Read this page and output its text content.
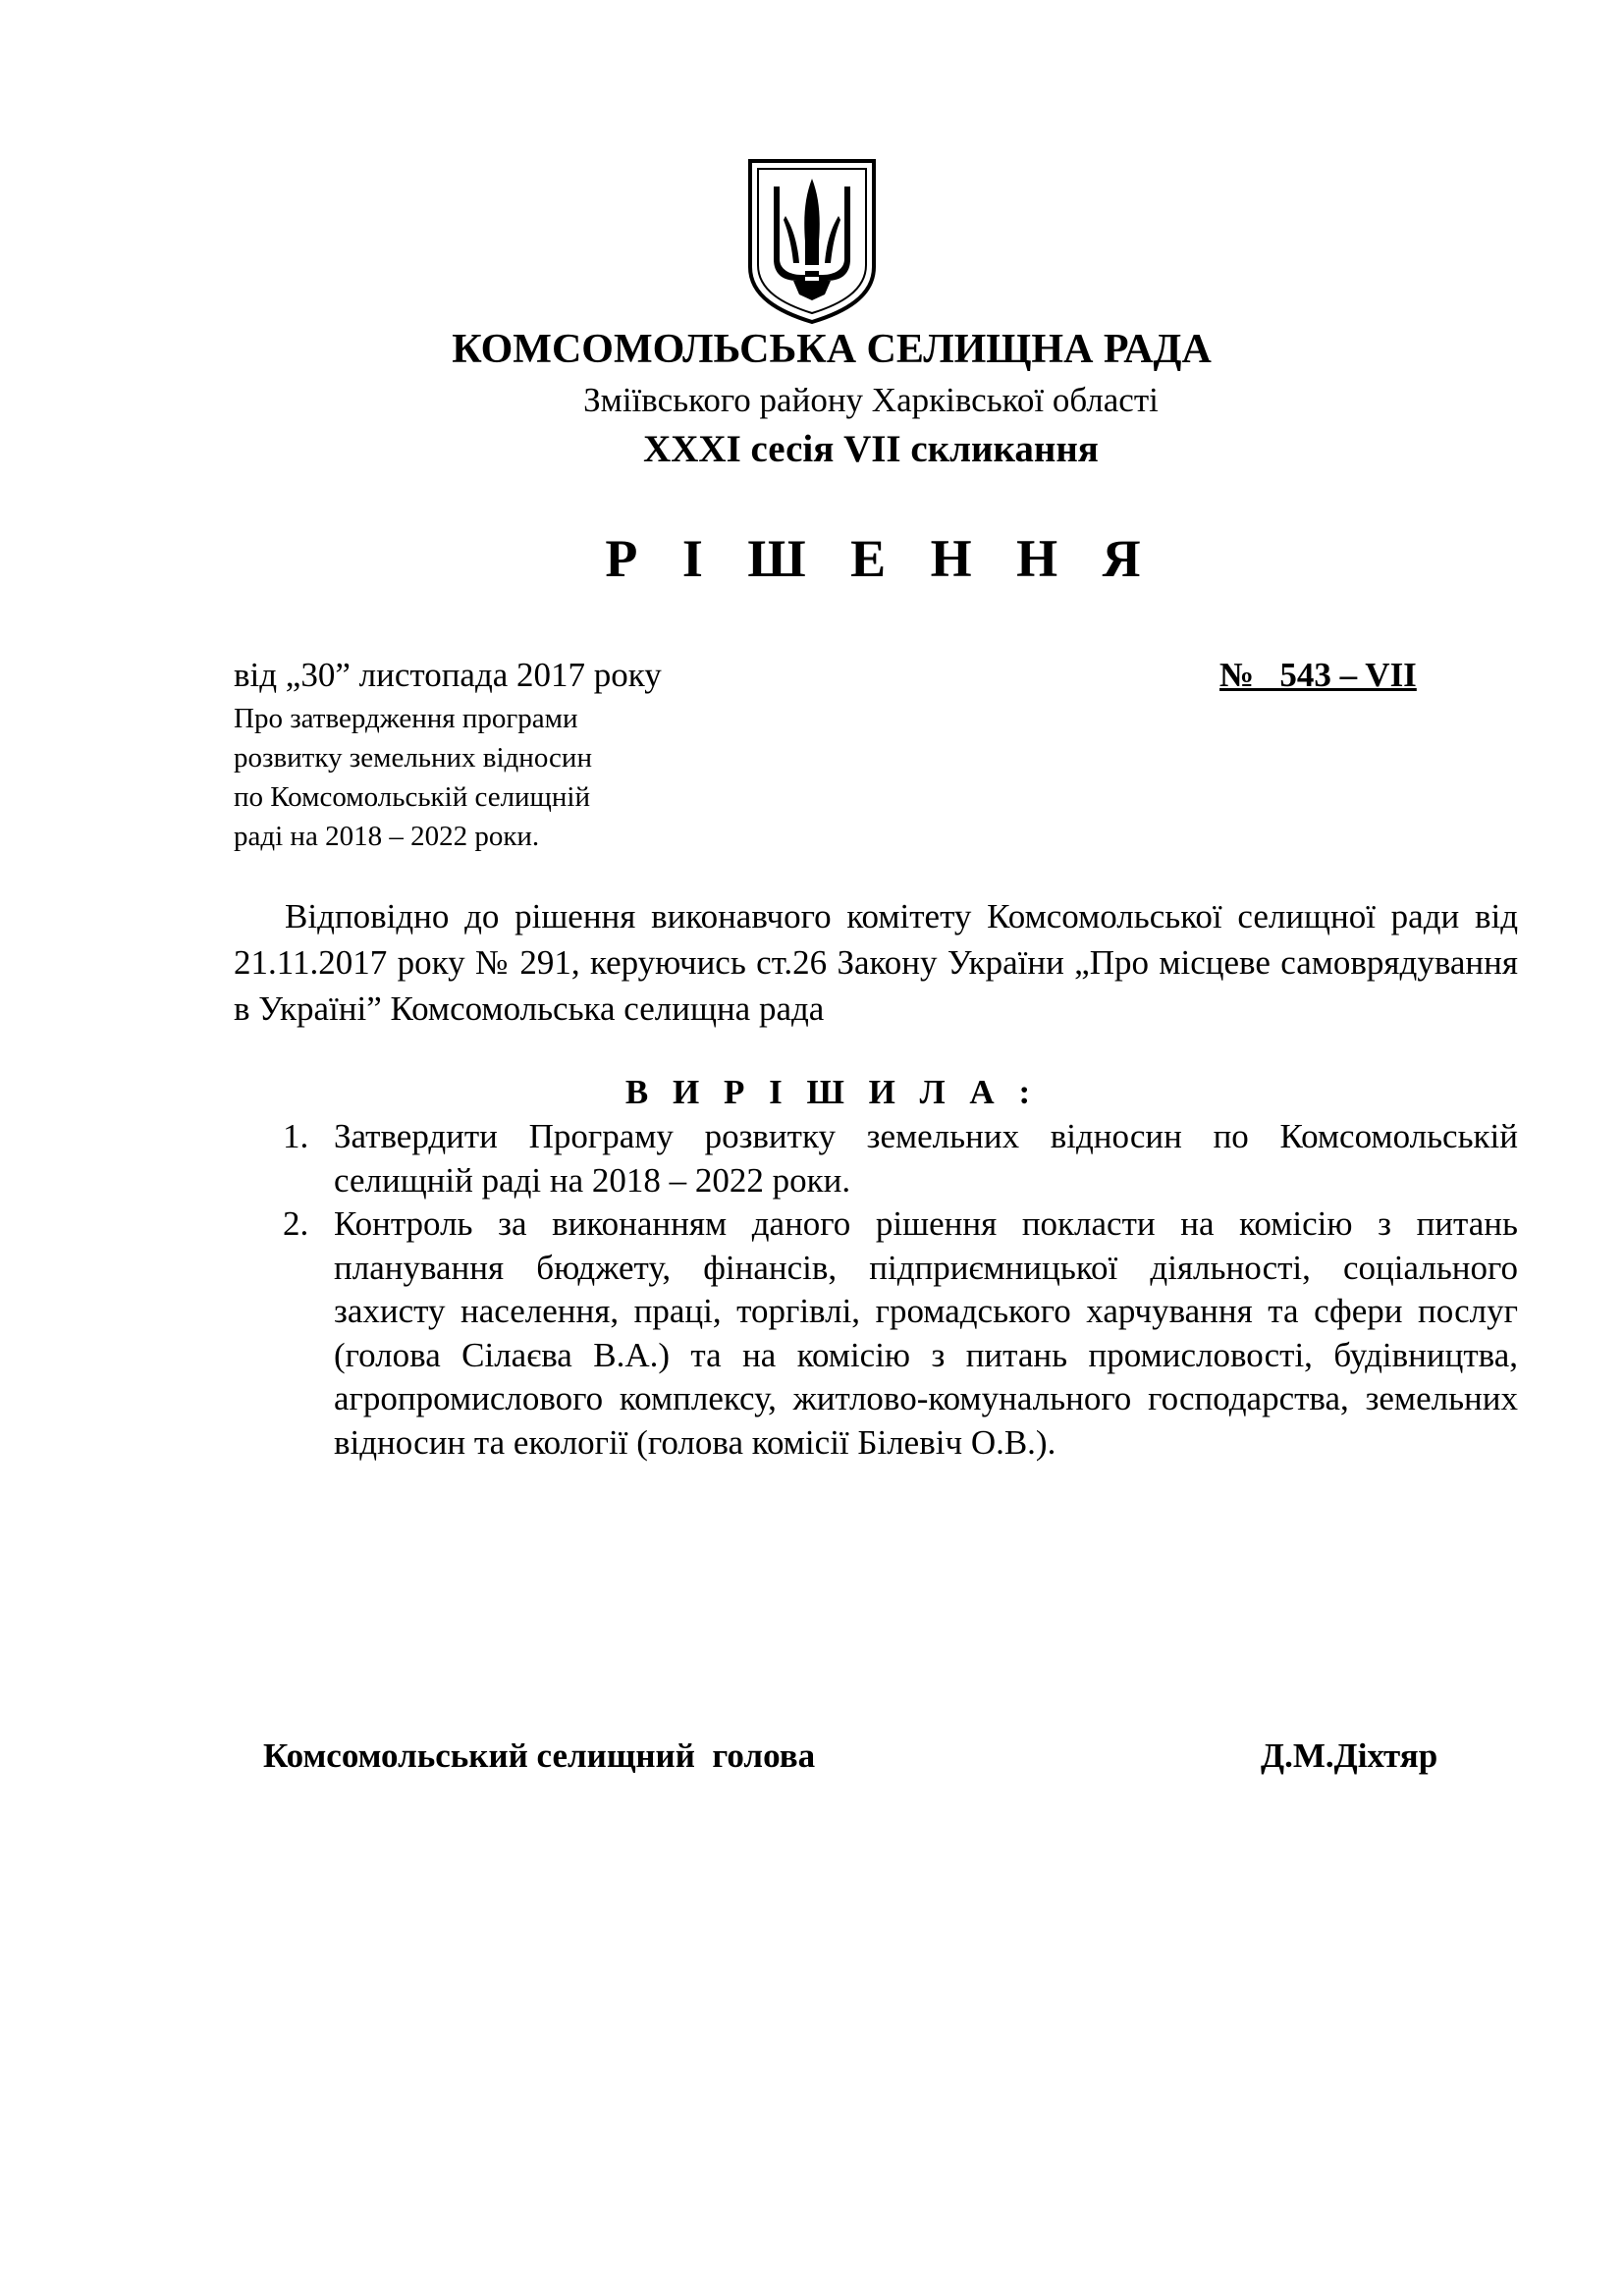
КОМСОМОЛЬСЬКА СЕЛИЩНА РАДА
Зміївського району Харківської області
XXXI сесія VII скликання
Р І Ш Е Н Н Я
від „30” листопада 2017 року	№   543 – VII
Про затвердження програми
розвитку земельних відносин
по Комсомольській селищній
раді на 2018 – 2022 роки.
Відповідно до рішення виконавчого комітету Комсомольської селищної ради від 21.11.2017 року № 291, керуючись ст.26 Закону України „Про місцеве самоврядування в Україні” Комсомольська селищна рада
В И Р І Ш И Л А :
1. Затвердити Програму розвитку земельних відносин по Комсомольській селищній раді на 2018 – 2022 роки.
2. Контроль за виконанням даного рішення покласти на комісію з питань планування бюджету, фінансів, підприємницької діяльності, соціального захисту населення, праці, торгівлі, громадського харчування та сфери послуг (голова Сілаєва В.А.) та на комісію з питань промисловості, будівництва, агропромислового комплексу, житлово-комунального господарства, земельних відносин та екології (голова комісії Білевіч О.В.).
Комсомольський селищний  голова	Д.М.Діхтяр
